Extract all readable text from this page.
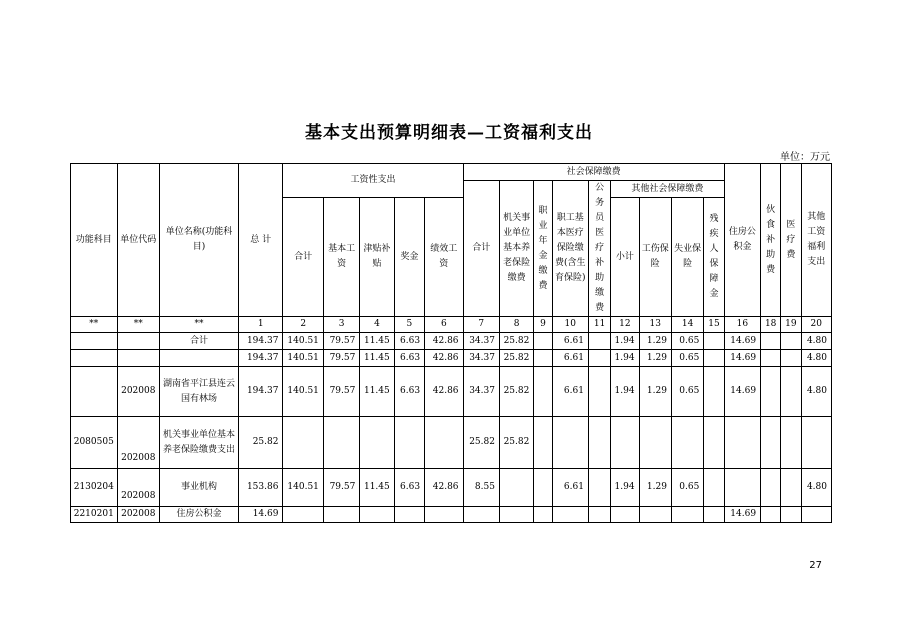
基本支出预算明细表—工资福利支出
单位：万元
功能科目	单位代码	单位名称(功能科目)	总 计	工资性支出					社会保障缴费									住房公积金	伙食补助费	医疗费	其他工资福利支出
									合计	机关事业单位基本养老保险缴费	职业年金缴费	职工基本医疗保险缴费(含生育保险)	公务员医疗补助缴费	其他社会保障缴费							
				合计	基本工资	津贴补贴	奖金	绩效工资						小计	工伤保险	失业保险	残疾人保障金				

**	**	**	1	2	3	4	5	6	7	8	9	10	11	12	13	14	15	16	18	19	20
		合计	194.37	140.51	79.57	11.45	6.63	42.86	34.37	25.82		6.61		1.94	1.29	0.65		14.69			4.80
			194.37	140.51	79.57	11.45	6.63	42.86	34.37	25.82		6.61		1.94	1.29	0.65		14.69			4.80
	202008	湖南省平江县连云国有林场	194.37	140.51	79.57	11.45	6.63	42.86	34.37	25.82		6.61		1.94	1.29	0.65		14.69			4.80
2080505	202008	机关事业单位基本养老保险缴费支出	25.82						25.82	25.82											
2130204	202008	事业机构	153.86	140.51	79.57	11.45	6.63	42.86	8.55			6.61		1.94	1.29	0.65					4.80
2210201	202008	住房公积金	14.69															14.69			
27
